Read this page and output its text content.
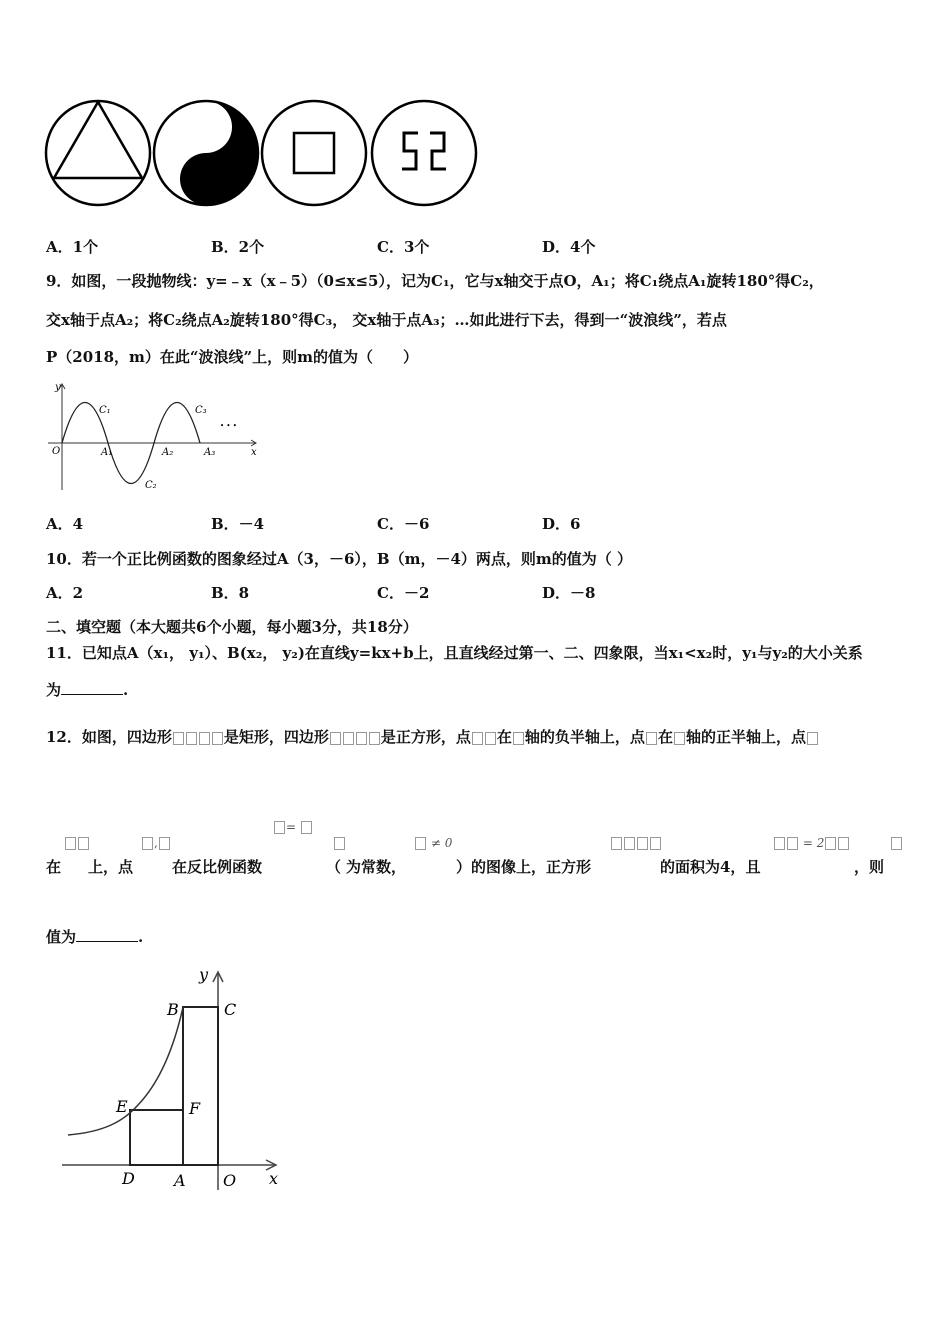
A．1个	B．2个	C．3个	D．4个
9．如图，一段抛物线：y=﹣x（x﹣5）（0≤x≤5），记为C₁，它与x轴交于点O，A₁；将C₁绕点A₁旋转180°得C₂，
交x轴于点A₂；将C₂绕点A₂旋转180°得C₃， 交x轴于点A₃；…如此进行下去，得到一“波浪线”，若点
P（2018，m）在此“波浪线”上，则m的值为（　　）
y
x
O
C₁
C₂
C₃
A₁	A₂	A₃
• • •
A．4	B．－4	C．－6	D．6
10．若一个正比例函数的图象经过A（3，－6），B（m，－4）两点，则m的值为（ ）
A．2	B．8	C．－2	D．－8
二、填空题（本大题共6个小题，每小题3分，共18分）
11．已知点A（x₁， y₁）、B(x₂， y₂)在直线y=kx+b上，且直线经过第一、二、四象限，当x₁<x₂时，y₁与y₂的大小关系
为	.
12．如图，四边形	是矩形，四边形	是正方形，点 在 轴的负半轴上，点 在 轴的正半轴上，点
,
=
≠ 0	= 2
在 上，点	在反比例函数	（ 为常数，	）的图像上，正方形	的面积为4，且	，则
值为	.
y
x
B	C
E	F
D A O
